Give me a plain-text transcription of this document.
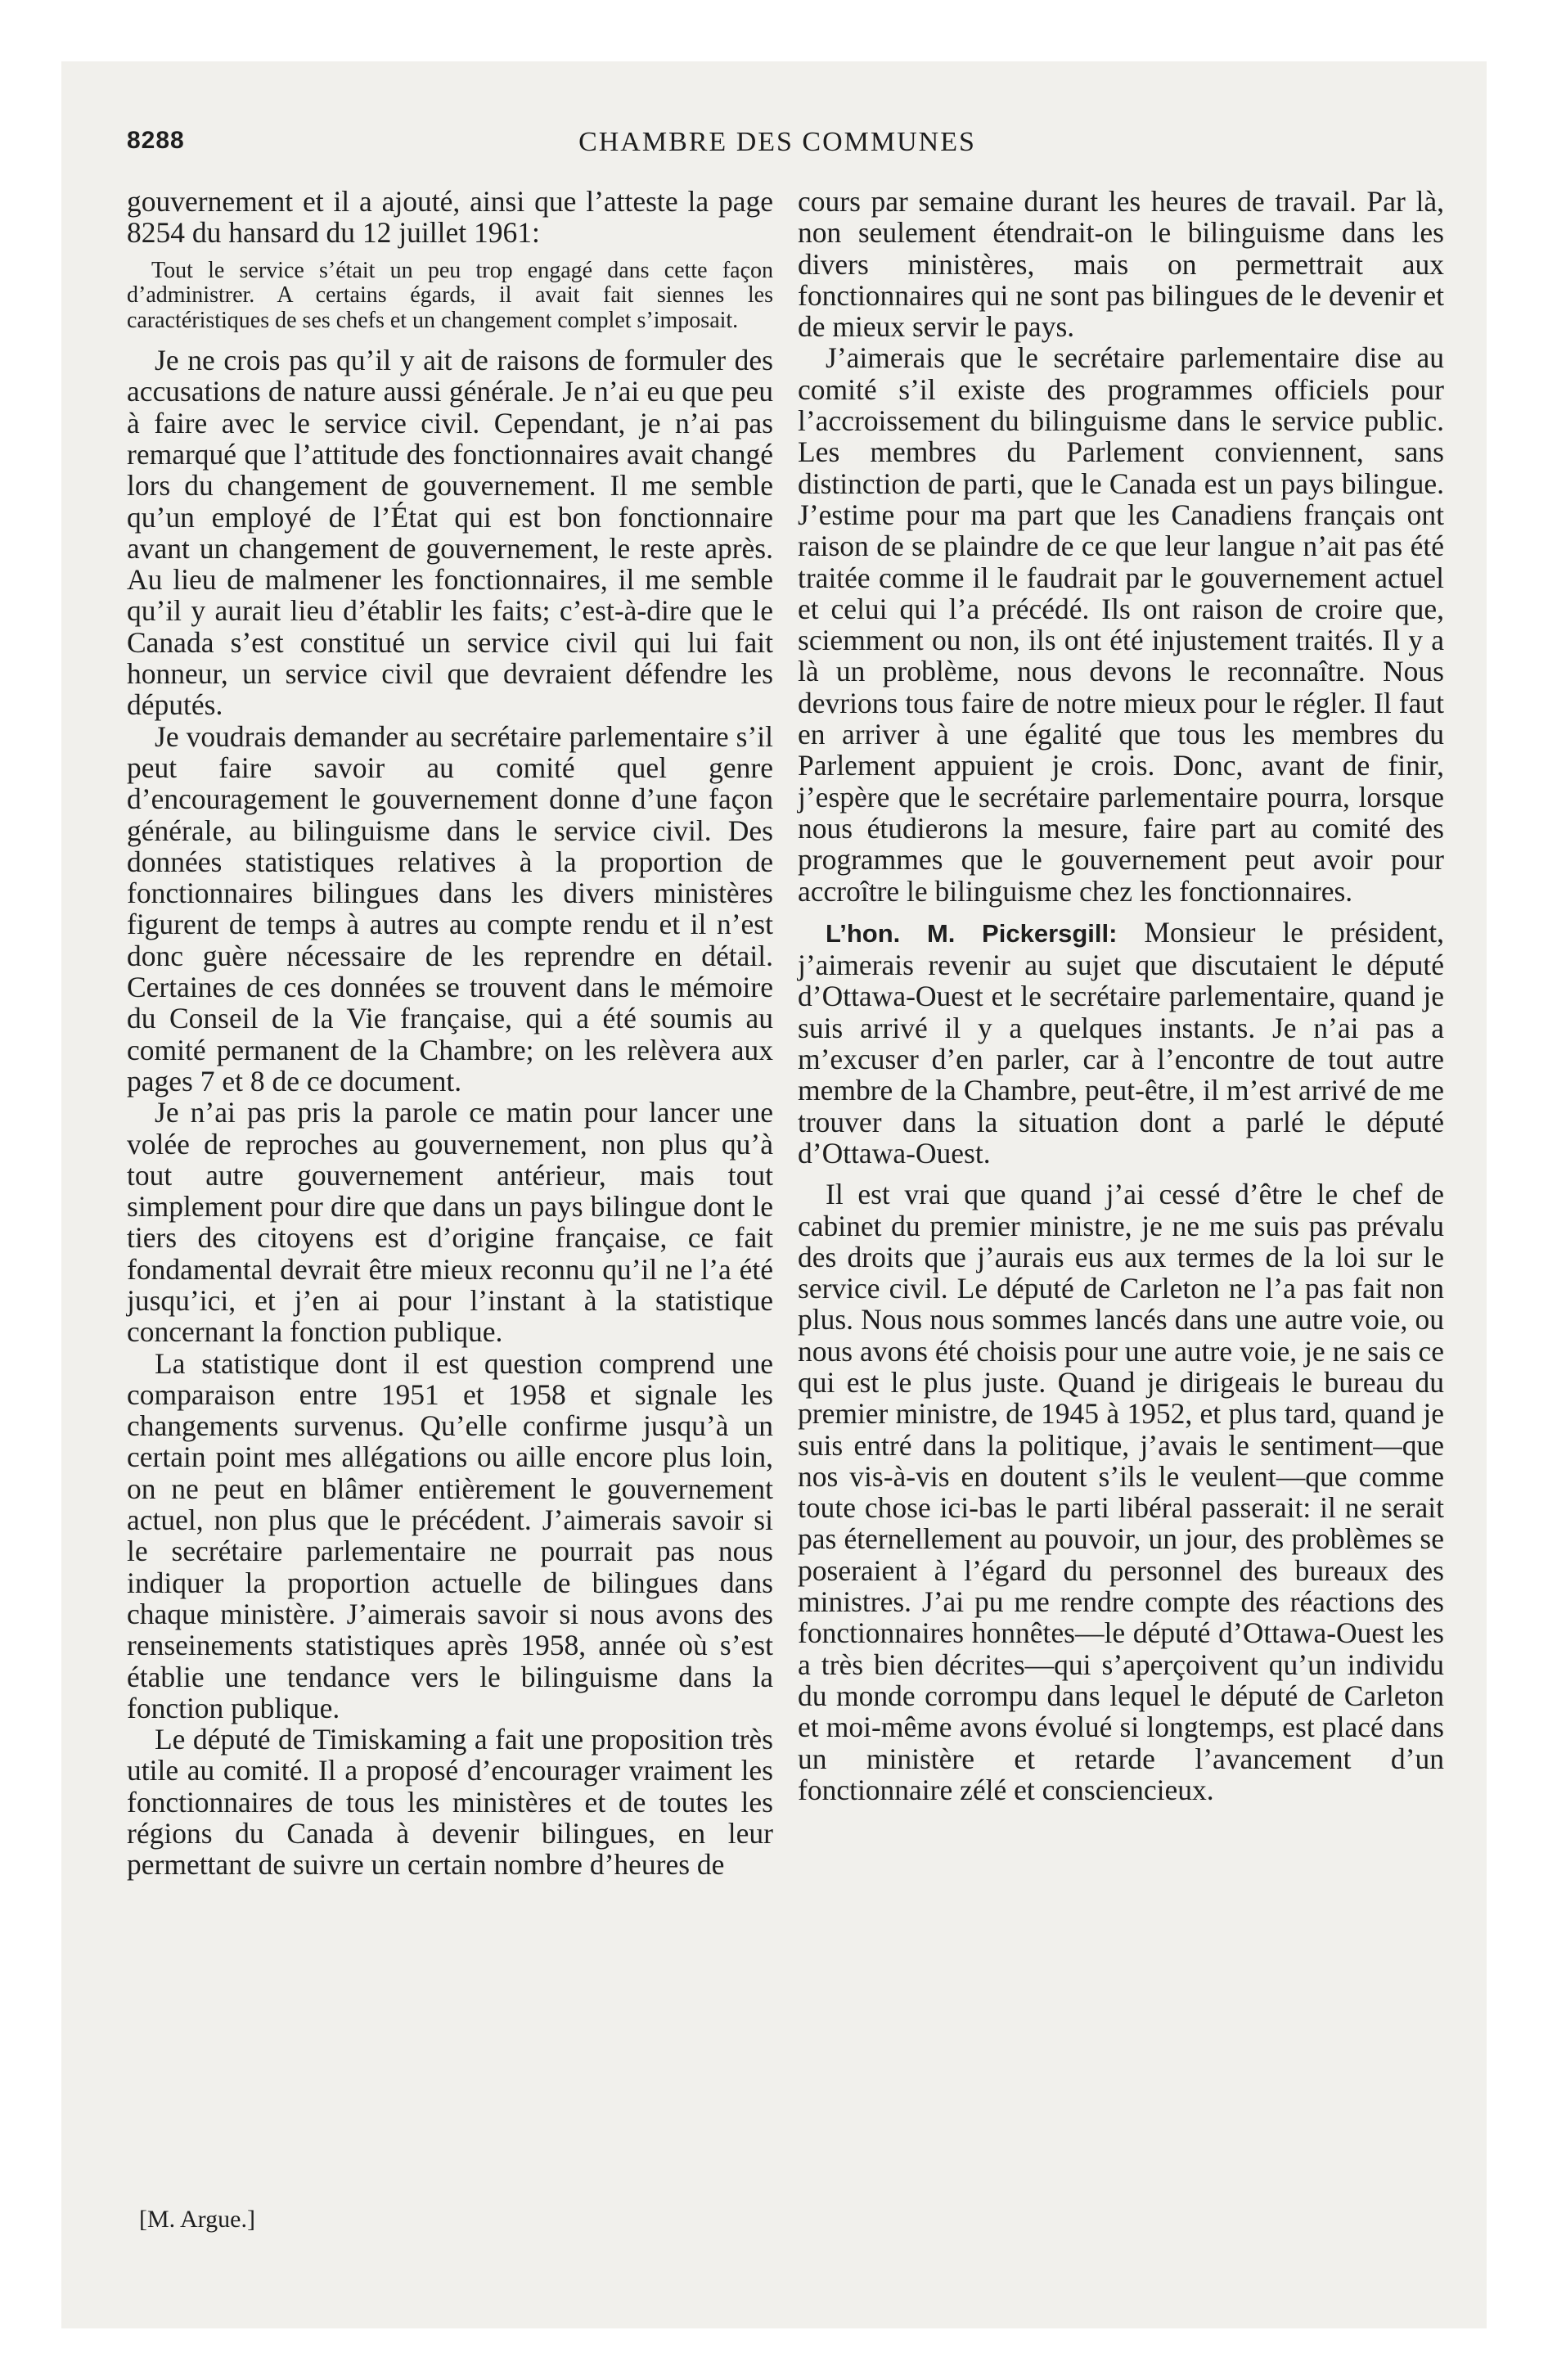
8288	CHAMBRE DES COMMUNES

gouvernement et il a ajouté, ainsi que l’atteste la page 8254 du hansard du 12 juillet 1961:

Tout le service s’était un peu trop engagé dans cette façon d’administrer. A certains égards, il avait fait siennes les caractéristiques de ses chefs et un changement complet s’imposait.

Je ne crois pas qu’il y ait de raisons de formuler des accusations de nature aussi générale. Je n’ai eu que peu à faire avec le service civil. Cependant, je n’ai pas remarqué que l’attitude des fonctionnaires avait changé lors du changement de gouvernement. Il me semble qu’un employé de l’État qui est bon fonctionnaire avant un changement de gouvernement, le reste après. Au lieu de malmener les fonctionnaires, il me semble qu’il y aurait lieu d’établir les faits; c’est-à-dire que le Canada s’est constitué un service civil qui lui fait honneur, un service civil que devraient défendre les députés.

Je voudrais demander au secrétaire parlementaire s’il peut faire savoir au comité quel genre d’encouragement le gouvernement donne d’une façon générale, au bilinguisme dans le service civil. Des données statistiques relatives à la proportion de fonctionnaires bilingues dans les divers ministères figurent de temps à autres au compte rendu et il n’est donc guère nécessaire de les reprendre en détail. Certaines de ces données se trouvent dans le mémoire du Conseil de la Vie française, qui a été soumis au comité permanent de la Chambre; on les relèvera aux pages 7 et 8 de ce document.

Je n’ai pas pris la parole ce matin pour lancer une volée de reproches au gouvernement, non plus qu’à tout autre gouvernement antérieur, mais tout simplement pour dire que dans un pays bilingue dont le tiers des citoyens est d’origine française, ce fait fondamental devrait être mieux reconnu qu’il ne l’a été jusqu’ici, et j’en ai pour l’instant à la statistique concernant la fonction publique.

La statistique dont il est question comprend une comparaison entre 1951 et 1958 et signale les changements survenus. Qu’elle confirme jusqu’à un certain point mes allégations ou aille encore plus loin, on ne peut en blâmer entièrement le gouvernement actuel, non plus que le précédent. J’aimerais savoir si le secrétaire parlementaire ne pourrait pas nous indiquer la proportion actuelle de bilingues dans chaque ministère. J’aimerais savoir si nous avons des renseinements statistiques après 1958, année où s’est établie une tendance vers le bilinguisme dans la fonction publique.

Le député de Timiskaming a fait une proposition très utile au comité. Il a proposé d’encourager vraiment les fonctionnaires de tous les ministères et de toutes les régions du Canada à devenir bilingues, en leur permettant de suivre un certain nombre d’heures de

cours par semaine durant les heures de travail. Par là, non seulement étendrait-on le bilinguisme dans les divers ministères, mais on permettrait aux fonctionnaires qui ne sont pas bilingues de le devenir et de mieux servir le pays.

J’aimerais que le secrétaire parlementaire dise au comité s’il existe des programmes officiels pour l’accroissement du bilinguisme dans le service public. Les membres du Parlement conviennent, sans distinction de parti, que le Canada est un pays bilingue. J’estime pour ma part que les Canadiens français ont raison de se plaindre de ce que leur langue n’ait pas été traitée comme il le faudrait par le gouvernement actuel et celui qui l’a précédé. Ils ont raison de croire que, sciemment ou non, ils ont été injustement traités. Il y a là un problème, nous devons le reconnaître. Nous devrions tous faire de notre mieux pour le régler. Il faut en arriver à une égalité que tous les membres du Parlement appuient je crois. Donc, avant de finir, j’espère que le secrétaire parlementaire pourra, lorsque nous étudierons la mesure, faire part au comité des programmes que le gouvernement peut avoir pour accroître le bilinguisme chez les fonctionnaires.

L’hon. M. Pickersgill: Monsieur le président, j’aimerais revenir au sujet que discutaient le député d’Ottawa-Ouest et le secrétaire parlementaire, quand je suis arrivé il y a quelques instants. Je n’ai pas a m’excuser d’en parler, car à l’encontre de tout autre membre de la Chambre, peut-être, il m’est arrivé de me trouver dans la situation dont a parlé le député d’Ottawa-Ouest.

Il est vrai que quand j’ai cessé d’être le chef de cabinet du premier ministre, je ne me suis pas prévalu des droits que j’aurais eus aux termes de la loi sur le service civil. Le député de Carleton ne l’a pas fait non plus. Nous nous sommes lancés dans une autre voie, ou nous avons été choisis pour une autre voie, je ne sais ce qui est le plus juste. Quand je dirigeais le bureau du premier ministre, de 1945 à 1952, et plus tard, quand je suis entré dans la politique, j’avais le sentiment—que nos vis-à-vis en doutent s’ils le veulent—que comme toute chose ici-bas le parti libéral passerait: il ne serait pas éternellement au pouvoir, un jour, des problèmes se poseraient à l’égard du personnel des bureaux des ministres. J’ai pu me rendre compte des réactions des fonctionnaires honnêtes—le député d’Ottawa-Ouest les a très bien décrites—qui s’aperçoivent qu’un individu du monde corrompu dans lequel le député de Carleton et moi-même avons évolué si longtemps, est placé dans un ministère et retarde l’avancement d’un fonctionnaire zélé et consciencieux.

[M. Argue.]
